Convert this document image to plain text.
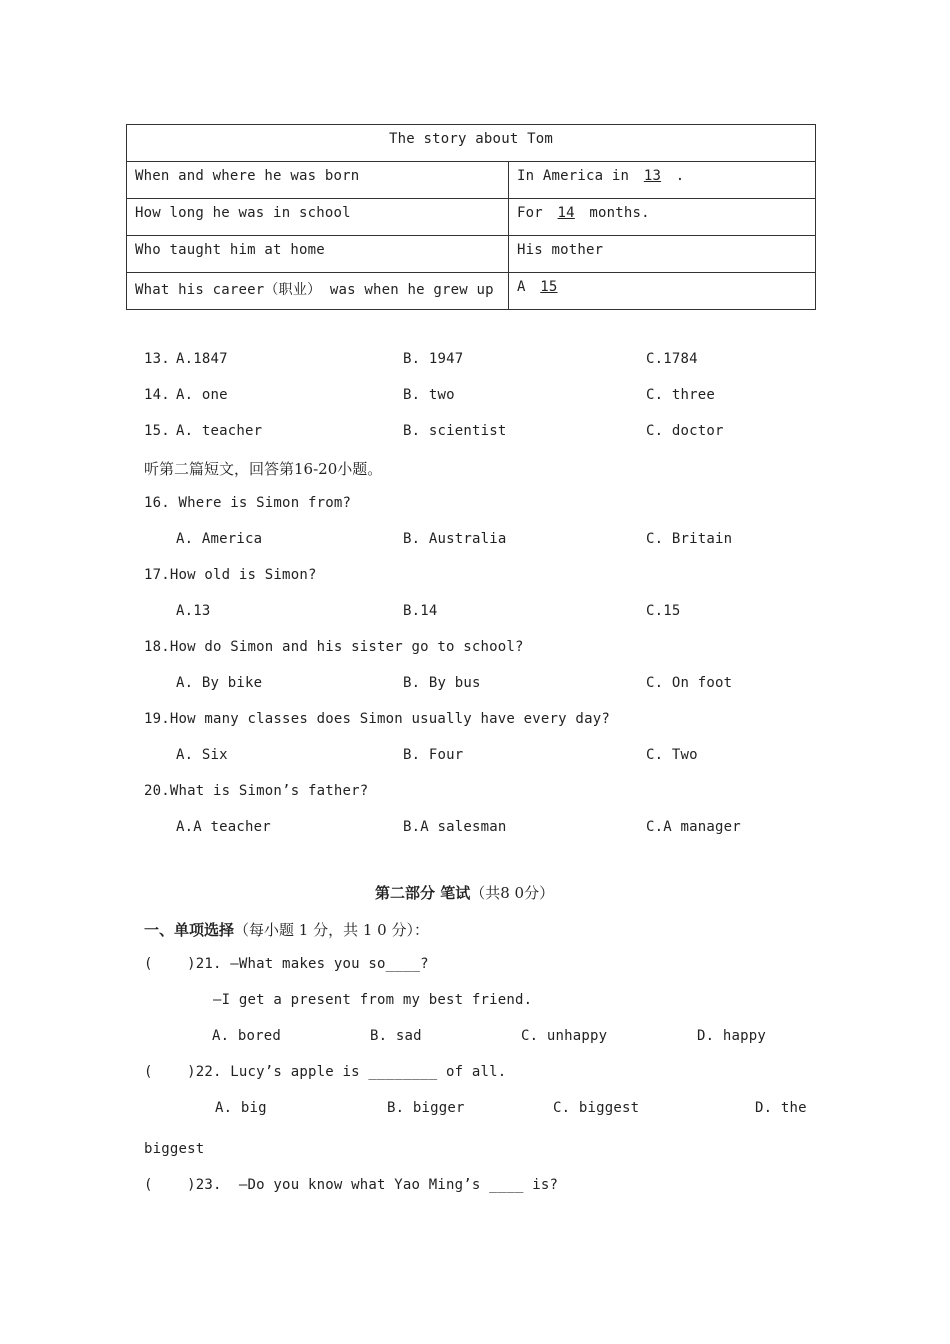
The story about Tom	
When and where he was born	In America in 13 .
How long he was in school	For 14 months.
Who taught him at home	His mother
What his career（职业） was when he grew up	A 15
13. A.1847	B. 1947	C.1784
14. A. one	B. two	C. three
15. A. teacher	B. scientist	C. doctor
听第二篇短文，回答第16-20小题。
16. Where is Simon from?
A. America	B. Australia	C. Britain
17.How old is Simon?
A.13	B.14	C.15
18.How do Simon and his sister go to school?
A. By bike	B. By bus	C. On foot
19.How many classes does Simon usually have every day?
A. Six	B. Four	C. Two
20.What is Simon’s father?
A.A teacher	B.A salesman	C.A manager
第二部分 笔试（共8 0分）
一、单项选择（每小题 1 分，共 1 0 分）：
(    )21. —What makes you so____?
—I get a present from my best friend.
A. bored	B. sad	C. unhappy	D. happy
(    )22. Lucy’s apple is ________ of all.
A. big	B. bigger	C. biggest	D. the
biggest
(    )23.  —Do you know what Yao Ming’s ____ is?
